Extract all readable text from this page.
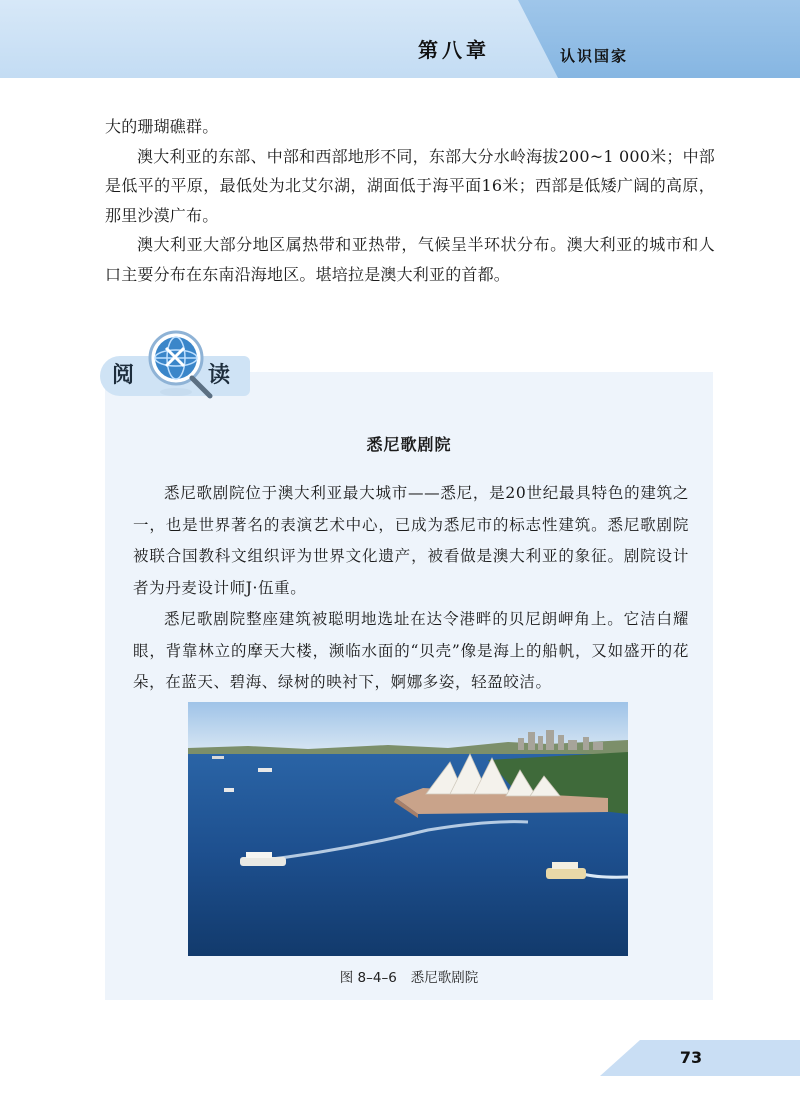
第八章	认识国家

大的珊瑚礁群。

澳大利亚的东部、中部和西部地形不同，东部大分水岭海拔200~1 000米；中部是低平的平原，最低处为北艾尔湖，湖面低于海平面16米；西部是低矮广阔的高原，那里沙漠广布。

澳大利亚大部分地区属热带和亚热带，气候呈半环状分布。澳大利亚的城市和人口主要分布在东南沿海地区。堪培拉是澳大利亚的首都。

阅	读
悉尼歌剧院

悉尼歌剧院位于澳大利亚最大城市——悉尼，是20世纪最具特色的建筑之一，也是世界著名的表演艺术中心，已成为悉尼市的标志性建筑。悉尼歌剧院被联合国教科文组织评为世界文化遗产，被看做是澳大利亚的象征。剧院设计者为丹麦设计师J·伍重。

悉尼歌剧院整座建筑被聪明地选址在达令港畔的贝尼朗岬角上。它洁白耀眼，背靠林立的摩天大楼，濒临水面的“贝壳”像是海上的船帆，又如盛开的花朵，在蓝天、碧海、绿树的映衬下，婀娜多姿，轻盈皎洁。

图 8–4–6 悉尼歌剧院
73
